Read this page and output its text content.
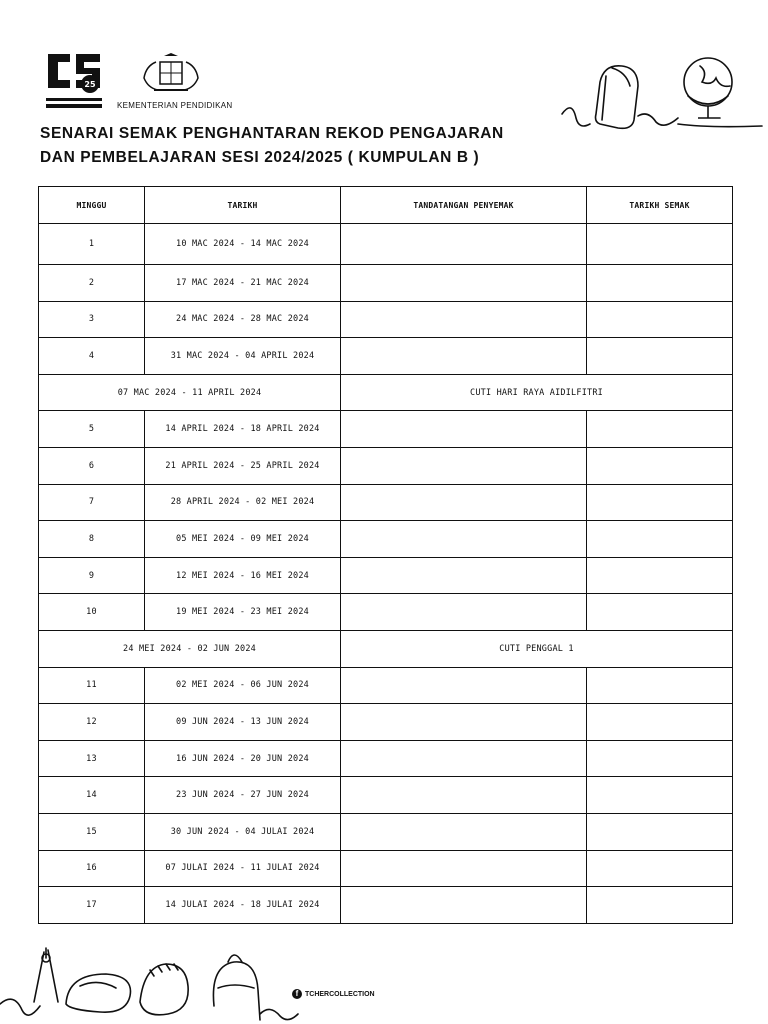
25
KEMENTERIAN PENDIDIKAN
SENARAI SEMAK PENGHANTARAN REKOD PENGAJARAN
DAN PEMBELAJARAN SESI 2024/2025 ( KUMPULAN B )
MINGGU	TARIKH	TANDATANGAN PENYEMAK	TARIKH SEMAK
1	10 MAC 2024 - 14 MAC 2024		
2	17 MAC 2024 - 21 MAC 2024		
3	24 MAC 2024 - 28 MAC 2024		
4	31 MAC 2024 - 04 APRIL 2024		
07 MAC 2024 - 11 APRIL 2024		CUTI HARI RAYA AIDILFITRI	
5	14 APRIL 2024 - 18 APRIL 2024		
6	21 APRIL 2024 - 25 APRIL 2024		
7	28 APRIL 2024 - 02 MEI 2024		
8	05 MEI 2024 - 09 MEI 2024		
9	12 MEI 2024 - 16 MEI 2024		
10	19 MEI 2024 - 23 MEI 2024		
24 MEI 2024 - 02 JUN 2024		CUTI PENGGAL 1	
11	02 MEI 2024 - 06 JUN 2024		
12	09 JUN 2024 - 13 JUN 2024		
13	16 JUN 2024 - 20 JUN 2024		
14	23 JUN 2024 - 27 JUN 2024		
15	30 JUN 2024 - 04 JULAI 2024		
16	07 JULAI 2024 - 11 JULAI 2024		
17	14 JULAI 2024 - 18 JULAI 2024		
f TCHERCOLLECTION
